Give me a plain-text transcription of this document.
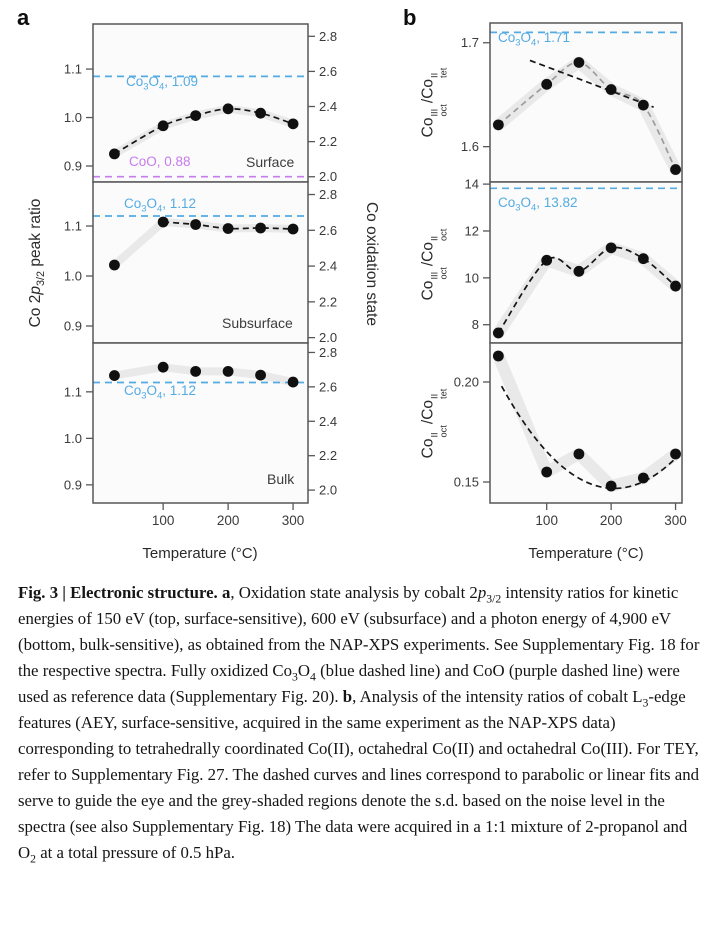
0.9
1.0
1.1
2.0
2.2
2.4
2.6
2.8
0.9
1.0
1.1
2.0
2.2
2.4
2.6
2.8
0.9
1.0
1.1
2.0
2.2
2.4
2.6
2.8
100	200	300
1.6
1.7
8
10
12
14
0.15
0.20
100	200	300
a	b
Co $2p_{3/2}$ peak ratio	Co oxidation state
Co
III
oct
/Co
II
tet
Co
III
oct
/Co
II
oct
Co
II
oct
/Co
II
tet
Temperature (°C)	Temperature (°C)
$Co_3O_4$, 1.09
CoO, 0.88	Surface
$Co_3O_4$, 1.12
Subsurface
$Co_3O_4$, 1.12
Bulk
$Co_3O_4$, 1.71
$Co_3O_4$, 13.82

Fig. 3 | Electronic structure. a, Oxidation state analysis by cobalt $2p_{3/2}$ intensity ratios for kinetic energies of 150 eV (top, surface-sensitive), 600 eV (subsurface) and a photon energy of 4,900 eV (bottom, bulk-sensitive), as obtained from the NAP-XPS experiments. See Supplementary Fig. 18 for the respective spectra. Fully oxidized $Co_3O_4$ (blue dashed line) and CoO (purple dashed line) were used as reference data (Supplementary Fig. 20). b, Analysis of the intensity ratios of cobalt $L_3$-edge features (AEY, surface-sensitive, acquired in the same experiment as the NAP-XPS data) corresponding to tetrahedrally coordinated Co(II), octahedral Co(II) and octahedral Co(III). For TEY, refer to Supplementary Fig. 27. The dashed curves and lines correspond to parabolic or linear fits and serve to guide the eye and the grey-shaded regions denote the s.d. based on the noise level in the spectra (see also Supplementary Fig. 18) The data were acquired in a 1:1 mixture of 2-propanol and $O_2$ at a total pressure of 0.5 hPa.
